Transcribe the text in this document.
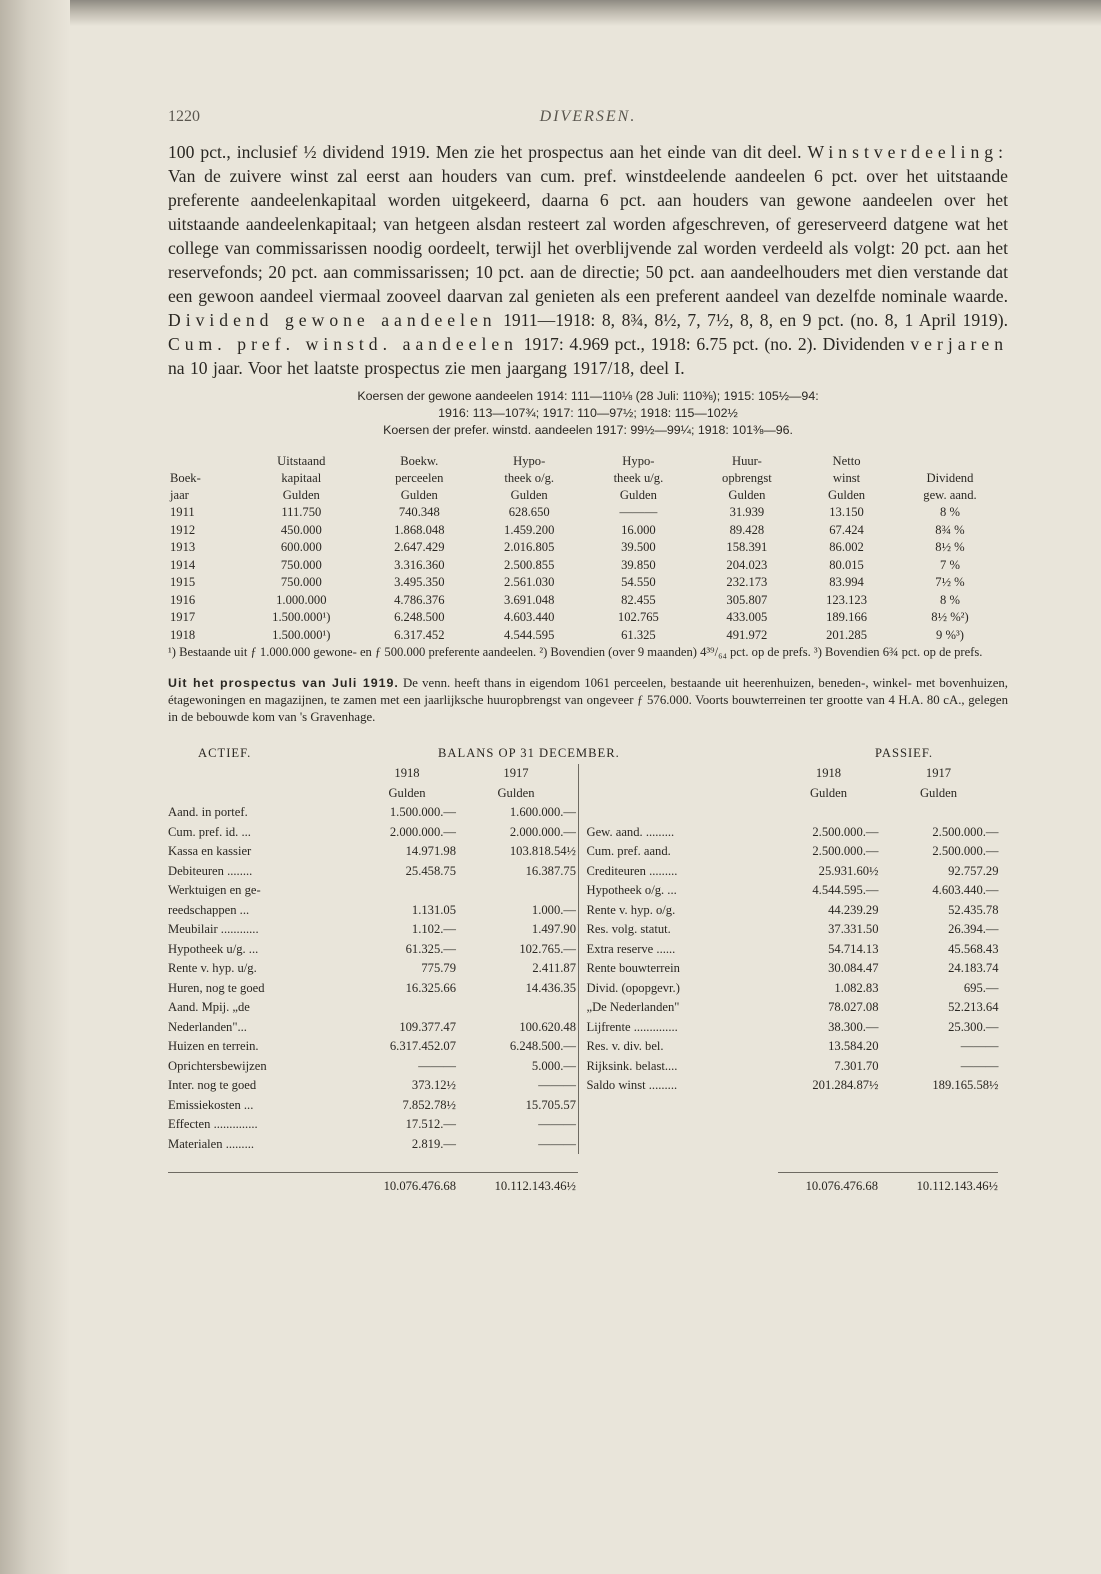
1220	DIVERSEN.
100 pct., inclusief ½ dividend 1919. Men zie het prospectus aan het einde van dit deel. Winstverdeeling: Van de zuivere winst zal eerst aan houders van cum. pref. winstdeelende aandeelen 6 pct. over het uitstaande preferente aandeelenkapitaal worden uitgekeerd, daarna 6 pct. aan houders van gewone aandeelen over het uitstaande aandeelenkapitaal; van hetgeen alsdan resteert zal worden afgeschreven, of gereserveerd datgene wat het college van commissarissen noodig oordeelt, terwijl het overblijvende zal worden verdeeld als volgt: 20 pct. aan het reservefonds; 20 pct. aan commissarissen; 10 pct. aan de directie; 50 pct. aan aandeelhouders met dien verstande dat een gewoon aandeel viermaal zooveel daarvan zal genieten als een preferent aandeel van dezelfde nominale waarde. Dividend gewone aandeelen 1911—1918: 8, 8¾, 8½, 7, 7½, 8, 8, en 9 pct. (no. 8, 1 April 1919). Cum. pref. winstd. aandeelen 1917: 4.969 pct., 1918: 6.75 pct. (no. 2). Dividenden verjaren na 10 jaar. Voor het laatste prospectus zie men jaargang 1917/18, deel I.
Koersen der gewone aandeelen 1914: 111—110⅛ (28 Juli: 110⅜); 1915: 105½—94:
1916: 113—107¾; 1917: 110—97½; 1918: 115—102½
Koersen der prefer. winstd. aandeelen 1917: 99½—99¼; 1918: 101⅜—96.
	Uitstaand	Boekw.	Hypo-	Hypo-	Huur-	Netto	
Boek-	kapitaal	perceelen	theek o/g.	theek u/g.	opbrengst	winst	Dividend
jaar	Gulden	Gulden	Gulden	Gulden	Gulden	Gulden	gew. aand.
1911	111.750	740.348	628.650	———	31.939	13.150	8 %
1912	450.000	1.868.048	1.459.200	16.000	89.428	67.424	8¾ %
1913	600.000	2.647.429	2.016.805	39.500	158.391	86.002	8½ %
1914	750.000	3.316.360	2.500.855	39.850	204.023	80.015	7 %
1915	750.000	3.495.350	2.561.030	54.550	232.173	83.994	7½ %
1916	1.000.000	4.786.376	3.691.048	82.455	305.807	123.123	8 %
1917	1.500.000¹)	6.248.500	4.603.440	102.765	433.005	189.166	8½ %²)
1918	1.500.000¹)	6.317.452	4.544.595	61.325	491.972	201.285	9 %³)
¹) Bestaande uit ƒ 1.000.000 gewone- en ƒ 500.000 preferente aandeelen. ²) Bovendien (over 9 maanden) 4³⁹/₆₄ pct. op de prefs. ³) Bovendien 6¾ pct. op de prefs.
Uit het prospectus van Juli 1919. De venn. heeft thans in eigendom 1061 perceelen, bestaande uit heerenhuizen, beneden-, winkel- met bovenhuizen, étagewoningen en magazijnen, te zamen met een jaarlijksche huuropbrengst van ongeveer ƒ 576.000. Voorts bouwterreinen ter grootte van 4 H.A. 80 cA., gelegen in de bebouwde kom van 's Gravenhage.
ACTIEF.	BALANS OP 31 DECEMBER.	PASSIEF.
1918	1917
Gulden	Gulden
Aand. in portef.	1.500.000.—	1.600.000.—
Cum. pref. id. ...	2.000.000.—	2.000.000.—
Kassa en kassier	14.971.98	103.818.54½
Debiteuren ........	25.458.75	16.387.75
Werktuigen en ge-
reedschappen ...	1.131.05	1.000.—
Meubilair ............	1.102.—	1.497.90
Hypotheek u/g. ...	61.325.—	102.765.—
Rente v. hyp. u/g.	775.79	2.411.87
Huren, nog te goed	16.325.66	14.436.35
Aand. Mpij. „de
Nederlanden"...	109.377.47	100.620.48
Huizen en terrein.	6.317.452.07	6.248.500.—
Oprichtersbewijzen	———	5.000.—
Inter. nog te goed	373.12½	———
Emissiekosten ...	7.852.78½	15.705.57
Effecten ..............	17.512.—	———
Materialen .........	2.819.—	———
1918	1917
Gulden	Gulden
Gew. aand. .........	2.500.000.—	2.500.000.—
Cum. pref. aand.	2.500.000.—	2.500.000.—
Crediteuren .........	25.931.60½	92.757.29
Hypotheek o/g. ...	4.544.595.—	4.603.440.—
Rente v. hyp. o/g.	44.239.29	52.435.78
Res. volg. statut.	37.331.50	26.394.—
Extra reserve ......	54.714.13	45.568.43
Rente bouwterrein	30.084.47	24.183.74
Divid. (opopgevr.)	1.082.83	695.—
„De Nederlanden"	78.027.08	52.213.64
Lijfrente ..............	38.300.—	25.300.—
Res. v. div. bel.	13.584.20	———
Rijksink. belast....	7.301.70	———
Saldo winst .........	201.284.87½	189.165.58½
10.076.476.68	10.112.143.46½	10.076.476.68	10.112.143.46½
